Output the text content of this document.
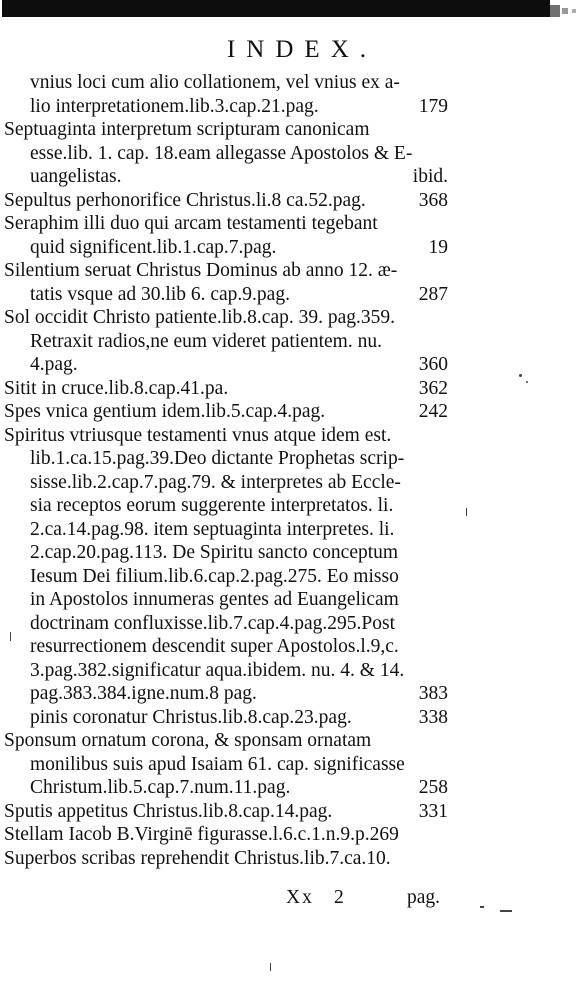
INDEX.
vnius loci cum alio collationem, vel vnius ex a-
lio interpretationem.lib.3.cap.21.pag.	179
Septuaginta interpretum scripturam canonicam
esse.lib. 1. cap. 18.eam allegasse Apostolos & E-
uangelistas.	ibid.
Sepultus perhonorifice Christus.li.8 ca.52.pag.	368
Seraphim illi duo qui arcam testamenti tegebant
quid significent.lib.1.cap.7.pag.	19
Silentium seruat Christus Dominus ab anno 12. æ-
tatis vsque ad 30.lib 6. cap.9.pag.	287
Sol occidit Christo patiente.lib.8.cap. 39. pag.359.
Retraxit radios,ne eum videret patientem. nu.
4.pag.	360
Sitit in cruce.lib.8.cap.41.pa.	362
Spes vnica gentium idem.lib.5.cap.4.pag.	242
Spiritus vtriusque testamenti vnus atque idem est.
lib.1.ca.15.pag.39.Deo dictante Prophetas scrip-
sisse.lib.2.cap.7.pag.79. & interpretes ab Eccle-
sia receptos eorum suggerente interpretatos. li.
2.ca.14.pag.98. item septuaginta interpretes. li.
2.cap.20.pag.113. De Spiritu sancto conceptum
Iesum Dei filium.lib.6.cap.2.pag.275. Eo misso
in Apostolos innumeras gentes ad Euangelicam
doctrinam confluxisse.lib.7.cap.4.pag.295.Post
resurrectionem descendit super Apostolos.l.9,c.
3.pag.382.significatur aqua.ibidem. nu. 4. & 14.
pag.383.384.igne.num.8 pag.	383
pinis coronatur Christus.lib.8.cap.23.pag.	338
Sponsum ornatum corona, & sponsam ornatam
monilibus suis apud Isaiam 61. cap. significasse
Christum.lib.5.cap.7.num.11.pag.	258
Sputis appetitus Christus.lib.8.cap.14.pag.	331
Stellam Iacob B.Virginē figurasse.l.6.c.1.n.9.p.269
Superbos scribas reprehendit Christus.lib.7.ca.10.
Xx 2	pag.
